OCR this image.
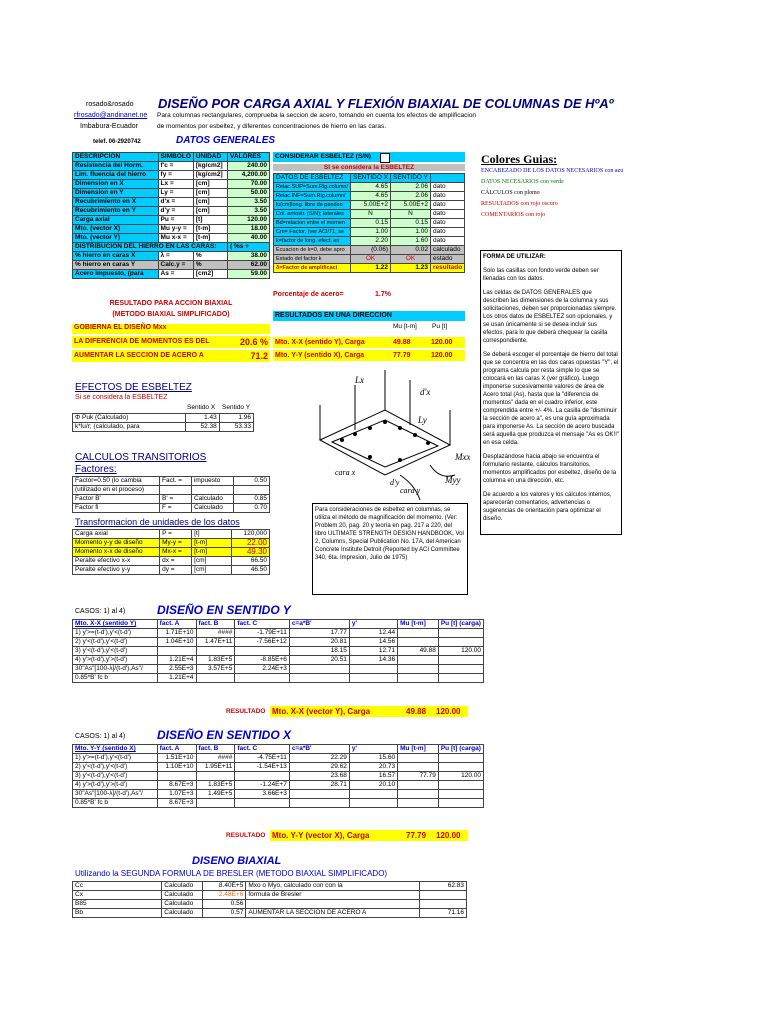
rosado&rosado DISEÑO POR CARGA AXIAL Y FLEXIÓN BIAXIAL DE COLUMNAS DE HºAº
rfrosado@andinanet.ne Para columnas rectangulares, comprueba la seccion de acero, tomando en cuenta los efectos de amplificacion
Imbabura-Ecuador	de momentos por esbeltez, y diferentes concentraciones de hierro en las caras.
telef. 06-2920742	DATOS GENERALES
DESCRIPCION	SIMBOLO	UNIDAD	VALORES
Resistencia del Horm.	f'c =	[kg/cm2]	240.00
Lim. fluencia del hierro	fy =	[kg/cm2]	4,200.00
Dimension en X	Lx =	[cm]	70.00
Dimension en Y	Ly =	[cm]	50.00
Recubrimiento en X	d'x =	[cm]	3.50
Recubrimiento en Y	d'y =	[cm]	3.50
Carga axial	Pu =	[t]	120.00
Mto. (vector X)	Mu y-y =	[t-m]	18.00
Mto. (vector Y)	Mu x-x =	[t-m]	40.00
DISTRIBUCION DEL HIERRO EN LAS CARAS:			( %s +
% hierro en caras X	λ =	%	38.00
% hierro en caras Y	Calc.y =	%	62.00
Acero impuesto, (para	As =	[cm2]	59.00
CONSIDERAR ESBELTEZ (S/N)
SI se considera la ESBELTEZ
DATOS DE ESBELTEZ	SENTIDO X	SENTIDO Y	
Relac.SUP=Sum.Rig.column/	4.65	2.06	dato
Relac.INF=Sum.Rig.column/	4.65	2.06	dato
lu(cm)long. libre de pandeo	5.00E+2	5.00E+2	dato
Col. arriostr. (S/N); laterales	N	N	dato
Bd=relacion entre el momen	0.15	0.15	dato
Cm= Factor, (ver ACI/71, se	1.00	1.00	dato
k=factor de long. efect. en	2.20	1.60	dato
Ecuacion de k=0, debe apro	(0.06)	0.02	calculado
Estado del factor k	OK	OK	estado
δ=Factor de amplificaci	1.22	1.23	resultado
Porcentaje de acero=	1.7%
RESULTADO PARA ACCION BIAXIAL
(METODO BIAXIAL SIMPLIFICADO)
GOBIERNA EL DISEÑO Mxx
LA DIFERENCIA DE MOMENTOS ES DEL	20.6 %
AUMENTAR LA SECCION DE ACERO A	71.2
RESULTADOS EN UNA DIRECCION
Mu [t-m] Pu [t]
Mto. X-X (sentido Y), Carga	49.88	120.00
Mto. Y-Y (sentido X), Carga	77.79	120.00
Lx
d'x
Ly
Myy
Mxx
cara x
cara y
d'y
Colores Guias:
ENCABEZADO DE LOS DATOS NECESARIOS con azu
DATOS NECESARIOS con verde
CÁLCULOS con plomo
RESULTADOS con rojo oscuro
COMENTARIOS con rojo
FORMA DE UTILIZAR:
Solo las casillas con fondo verde deben ser llenadas con los datos.
Las celdas de DATOS GENERALES que describen las dimensiones de la columna y sus solicitaciones, deben ser proporcionadas siempre. Los otros datos de ESBELTEZ son opcionales, y se usan únicamente si se desea incluir sus efectos, para lo que deberá chequear la casilla correspondiente.
Se deberá escoger el porcentaje de hierro del total que se concentra en las dos caras opuestas "Y", el programa calcula por resta simple lo que se colocará en las caras X (ver gráfico). Luego imponerse sucesivamente valores de área de Acero total (As), hasta que la "diferencia de momentos" dada en el cuadro inferior, este comprendida entre +/- 4%. La casilla de "disminuir la sección de acero a", es una guía aproximada para imponerse As. La sección de acero buscada será aquella que produzca el mensaje "As es OK!!" en esa celda.
Desplazándose hacia abajo se encuentra el formulario restante, cálculos transitorios, momentos amplificados por esbeltez, diseño de la columna en una dirección, etc.
De acuerdo a los valores y los cálculos internos, aparecerán comentarios, advertencias o sugerencias de orientación para optimizar el diseño.
EFECTOS DE ESBELTEZ
Si se considera la ESBELTEZ
Sentido X Sentido Y
Φ Puk (Calculado)	1.43	1.96
k*lu/r; (calculado, para	52.38	53.33
CALCULOS TRANSITORIOS
Factores:
Factor=0.50 (lo cambia	Fact. =	impuesto	0.50
(utilizado en el proceso)			
Factor B'	B' =	Calculado	0.85
Factor fi	F =	Calculado	0.70
Transformacion de unidades de los datos
Carga axial	P =	[t]	120,000
Momento y-y de diseño	My-y =	[t-m]	22.00
Momento x-x de diseño	Mx-x =	[t-m]	49.30
Peralte efectivo x-x	dx =	[cm]	66.50
Peralte efectivo y-y	dy =	[cm]	46.50
Para consideraciones de esbeltez en columnas, se utiliza el método de magnificación del momento. (Ver: Problem 20, pag. 20 y teoría en pag. 217 a 220, del libro ULTIMATE STRENGTH DESIGN HANDBOOK, Vol 2, Columns, Special Publication No. 17A, del American Concrete Institute Detroit (Reported by ACI Committee 340, 6ta. Impresion, Julio de 1975)
CASOS: 1) al 4)	DISEÑO EN SENTIDO Y
Mto. X-X (sentido Y)	fact. A	fact. B	fact. C	c=a*B'	y'	Mu [t-m]	Pu [t] (carga)
1) y'>=(t-d'),y'<(t-d')	1.71E+10	####	-1.79E+11	17.77	12.44		
2) y'<(t-d'),y'<(t-d')	1.04E+10	1.47E+11	-7.56E+12	20.81	14.56		
3) y'<(t-d'),y'<(t-d')				18.15	12.71	49.88	120.00
4) y'>(t-d'),y'>(t-d')	1.21E+4	1.83E+5	-8.85E+6	20.51	14.36		
30"As"[100-λ]/(t-d'),As"/	2.55E+3	3.57E+5	2.24E+3				
0.85*B' fc b	1.21E+4						
RESULTADO Mto. X-X (vector Y), Carga	49.88 120.00
CASOS: 1) al 4)	DISEÑO EN SENTIDO X
Mto. Y-Y (sentido X)	fact. A	fact. B	fact. C	c=a*B'	y'	Mu [t-m]	Pu [t] (carga)
1) y'>=(t-d'),y'<(t-d')	1.51E+10	####	-4.75E+11	22.29	15.60		
2) y'<(t-d'),y'<(t-d')	1.10E+10	1.95E+11	-1.54E+13	29.62	20.73		
3) y'<(t-d'),y'<(t-d')				23.68	16.57	77.79	120.00
4) y'>(t-d'),y'>(t-d')	8.67E+3	1.83E+5	-1.24E+7	28.71	20.10		
30"As"[100-λ]/(t-d'),As"/	1.07E+3	1.49E+5	3.66E+3				
0.85*B' fc b	8.67E+3						
RESULTADO Mto. Y-Y (vector X), Carga	77.79 120.00
DISENO BIAXIAL
Utilizando la SEGUNDA FORMULA DE BRESLER (METODO BIAXIAL SIMPLIFICADO)
Cc	Calculado	8.40E+5	Mxo o Myo, calculado con con la	62.83
Cx	Calculado	2.48E+6	formula de Bresler	
B85	Calculado	0.56		
Bb	Calculado	0.57	AUMENTAR LA SECCION DE ACERO A	71.16
